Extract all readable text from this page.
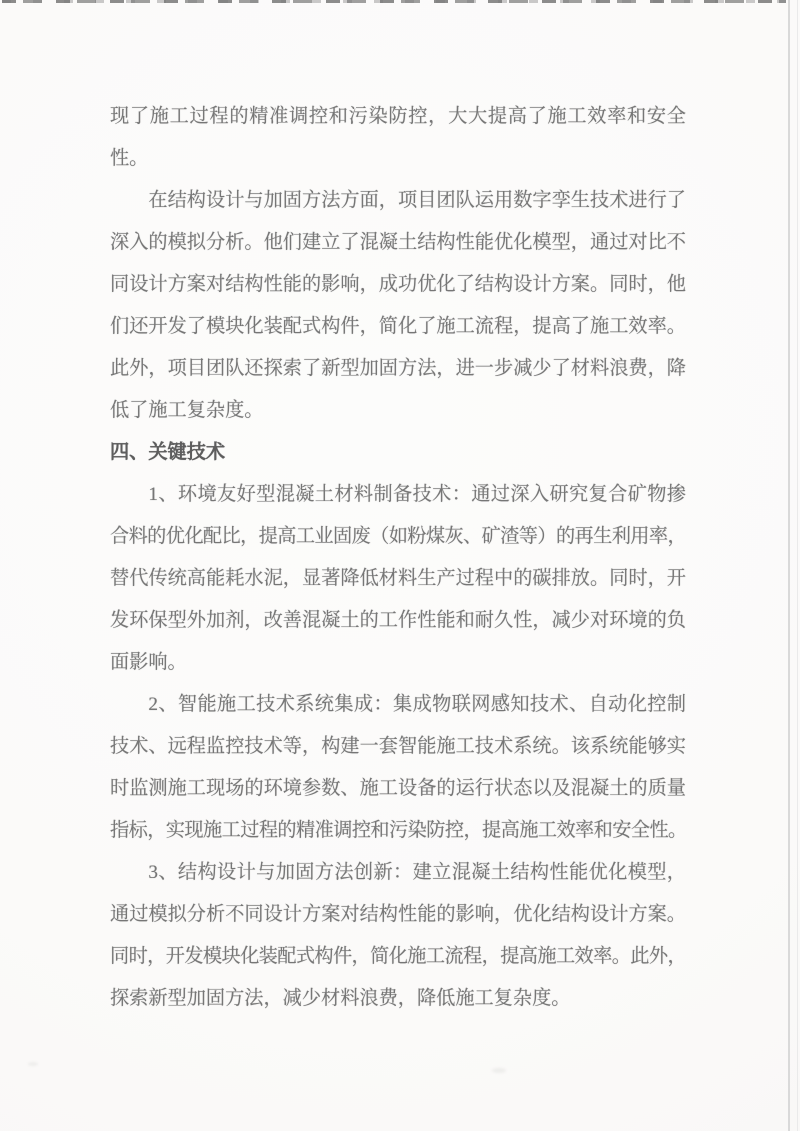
现了施工过程的精准调控和污染防控，大大提高了施工效率和安全
性。
在结构设计与加固方法方面，项目团队运用数字孪生技术进行了
深入的模拟分析。他们建立了混凝土结构性能优化模型，通过对比不
同设计方案对结构性能的影响，成功优化了结构设计方案。同时，他
们还开发了模块化装配式构件，简化了施工流程，提高了施工效率。
此外，项目团队还探索了新型加固方法，进一步减少了材料浪费，降
低了施工复杂度。
四、关键技术
1、环境友好型混凝土材料制备技术：通过深入研究复合矿物掺
合料的优化配比，提高工业固废（如粉煤灰、矿渣等）的再生利用率，
替代传统高能耗水泥，显著降低材料生产过程中的碳排放。同时，开
发环保型外加剂，改善混凝土的工作性能和耐久性，减少对环境的负
面影响。
2、智能施工技术系统集成：集成物联网感知技术、自动化控制
技术、远程监控技术等，构建一套智能施工技术系统。该系统能够实
时监测施工现场的环境参数、施工设备的运行状态以及混凝土的质量
指标，实现施工过程的精准调控和污染防控，提高施工效率和安全性。
3、结构设计与加固方法创新：建立混凝土结构性能优化模型，
通过模拟分析不同设计方案对结构性能的影响，优化结构设计方案。
同时，开发模块化装配式构件，简化施工流程，提高施工效率。此外，
探索新型加固方法，减少材料浪费，降低施工复杂度。
